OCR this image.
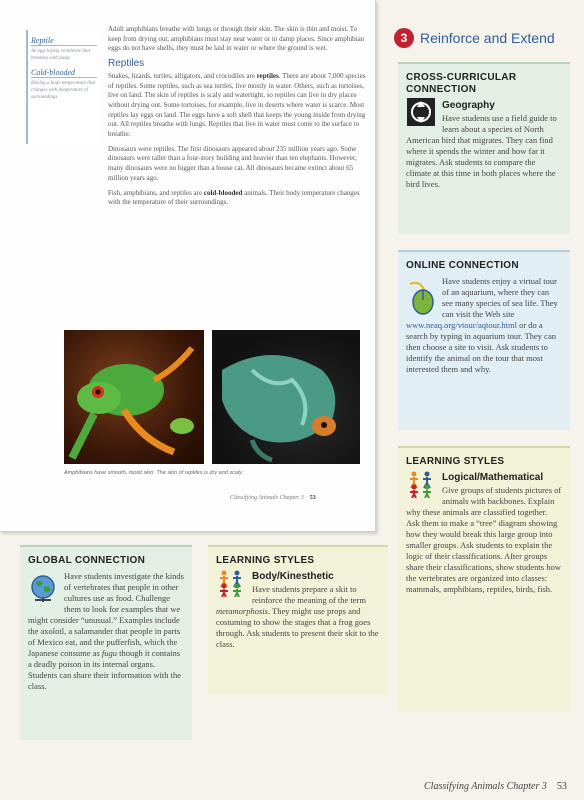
Reptile
An egg-laying vertebrate that breathes with lungs
Cold-blooded
Having a body temperature that changes with temperature of surroundings

Adult amphibians breathe with lungs or through their skin. The skin is thin and moist. To keep from drying out, amphibians must stay near water or in damp places. Since amphibian eggs do not have shells, they must be laid in water or where the ground is wet.

Reptiles

Snakes, lizards, turtles, alligators, and crocodiles are reptiles. There are about 7,000 species of reptiles. Some reptiles, such as sea turtles, live mostly in water. Others, such as tortoises, live on land. The skin of reptiles is scaly and watertight, so reptiles can live in dry places without drying out. Some tortoises, for example, live in deserts where water is scarce. Most reptiles lay eggs on land. The eggs have a soft shell that keeps the young inside from drying out. All reptiles breathe with lungs. Reptiles that live in water must come to the surface to breathe.

Dinosaurs were reptiles. The first dinosaurs appeared about 235 million years ago. Some dinosaurs were taller than a four-story building and heavier than ten elephants. However, many dinosaurs were no bigger than a house cat. All dinosaurs became extinct about 65 million years ago.

Fish, amphibians, and reptiles are cold-blooded animals. Their body temperature changes with the temperature of their surroundings.

Amphibians have smooth, moist skin. The skin of reptiles is dry and scaly.
Classifying Animals Chapter 3 53
3 Reinforce and Extend
CROSS-CURRICULAR
CONNECTION
Geography

Have students use a field guide to learn about a species of North American bird that migrates. They can find where it spends the winter and how far it migrates. Ask students to compare the climate at this time in both places where the bird lives.

ONLINE CONNECTION

Have students enjoy a virtual tour of an aquarium, where they can see many species of sea life. They can visit the Web site www.neaq.org/vtour/aqtour.html or do a search by typing in aquarium tour. They can then choose a site to visit. Ask students to identify the animal on the tour that most interested them and why.

LEARNING STYLES
Logical/Mathematical

Give groups of students pictures of animals with backbones. Explain why these animals are classified together. Ask them to make a “tree” diagram showing how they would break this large group into smaller groups. Ask students to explain the logic of their classifications. After groups share their classifications, show students how the vertebrates are organized into classes: mammals, amphibians, reptiles, birds, fish.

GLOBAL CONNECTION

Have students investigate the kinds of vertebrates that people in other cultures use as food. Challenge them to look for examples that we might consider “unusual.” Examples include the axolotl, a salamander that people in parts of Mexico eat, and the pufferfish, which the Japanese consume as fugu though it contains a deadly poison in its internal organs. Students can share their information with the class.

LEARNING STYLES
Body/Kinesthetic

Have students prepare a skit to reinforce the meaning of the term metamorphosis. They might use props and costuming to show the stages that a frog goes through. Ask students to present their skit to the class.

Classifying Animals Chapter 3 53
